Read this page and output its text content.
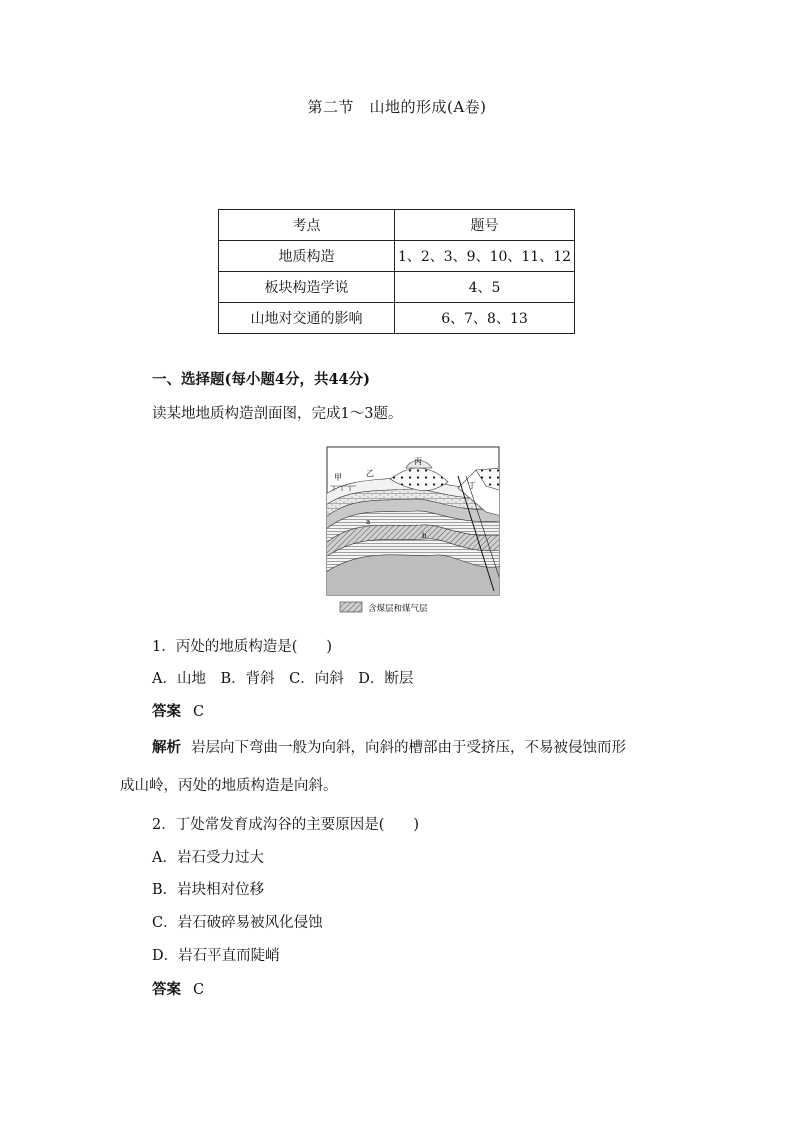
第二节　山地的形成(A卷)
考点	题号
地质构造	1、2、3、9、10、11、12
板块构造学说	4、5
山地对交通的影响	6、7、8、13
一、选择题(每小题4分，共44分)
读某地地质构造剖面图，完成1～3题。
甲	乙
丙
丁
a
b
含煤层和煤气层
1．丙处的地质构造是(　　)
A．山地　B．背斜　C．向斜　D．断层
答案 C
解析 岩层向下弯曲一般为向斜，向斜的槽部由于受挤压，不易被侵蚀而形
成山岭，丙处的地质构造是向斜。
2．丁处常发育成沟谷的主要原因是(　　)
A．岩石受力过大
B．岩块相对位移
C．岩石破碎易被风化侵蚀
D．岩石平直而陡峭
答案 C
